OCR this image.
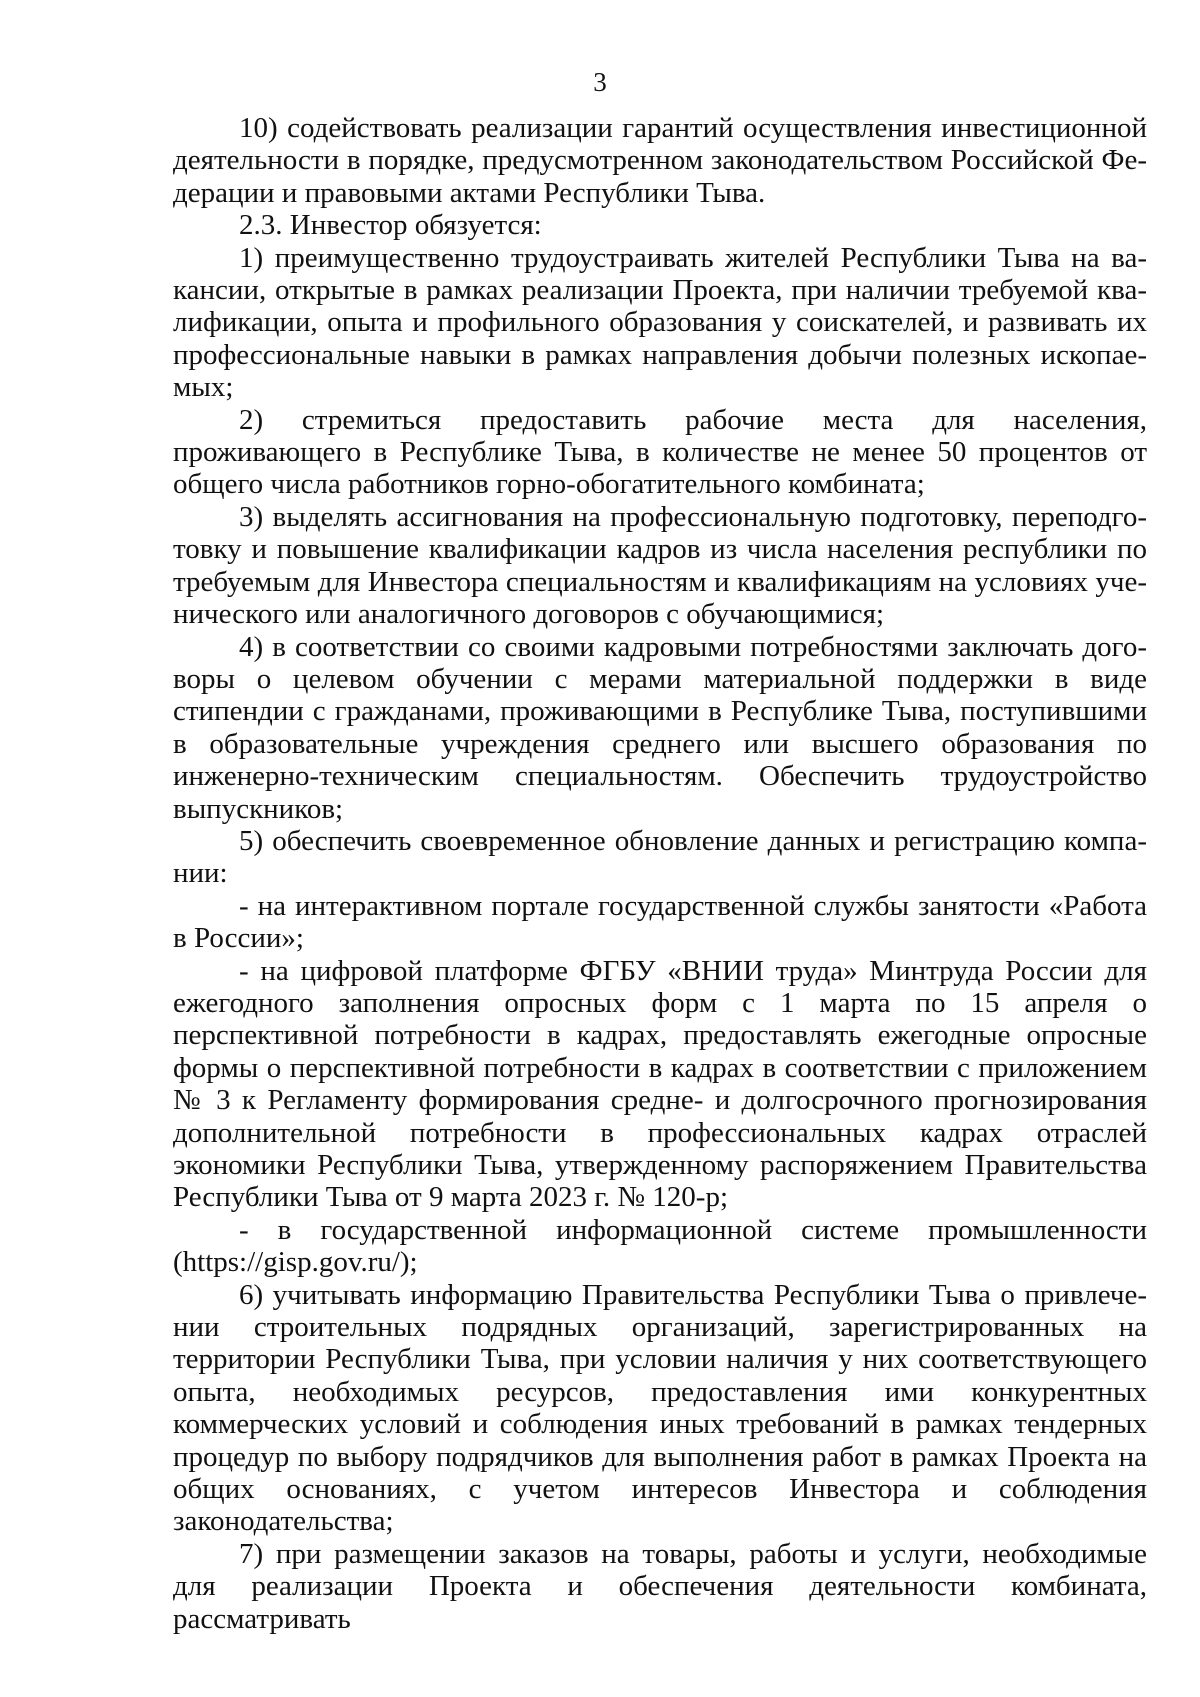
3

10) содействовать реализации гарантий осуществления инвестиционной деятельности в порядке, предусмотренном законодательством Российской Федерации и правовыми актами Республики Тыва.

2.3. Инвестор обязуется:

1) преимущественно трудоустраивать жителей Республики Тыва на вакансии, открытые в рамках реализации Проекта, при наличии требуемой квалификации, опыта и профильного образования у соискателей, и развивать их профессиональные навыки в рамках направления добычи полезных ископаемых;

2) стремиться предоставить рабочие места для населения, проживающего в Республике Тыва, в количестве не менее 50 процентов от общего числа работников горно-обогатительного комбината;

3) выделять ассигнования на профессиональную подготовку, переподготовку и повышение квалификации кадров из числа населения республики по требуемым для Инвестора специальностям и квалификациям на условиях ученического или аналогичного договоров с обучающимися;

4) в соответствии со своими кадровыми потребностями заключать договоры о целевом обучении с мерами материальной поддержки в виде стипендии с гражданами, проживающими в Республике Тыва, поступившими в образовательные учреждения среднего или высшего образования по инженерно-техническим специальностям. Обеспечить трудоустройство выпускников;

5) обеспечить своевременное обновление данных и регистрацию компании:

- на интерактивном портале государственной службы занятости «Работа в России»;

- на цифровой платформе ФГБУ «ВНИИ труда» Минтруда России для ежегодного заполнения опросных форм с 1 марта по 15 апреля о перспективной потребности в кадрах, предоставлять ежегодные опросные формы о перспективной потребности в кадрах в соответствии с приложением № 3 к Регламенту формирования средне- и долгосрочного прогнозирования дополнительной потребности в профессиональных кадрах отраслей экономики Республики Тыва, утвержденному распоряжением Правительства Республики Тыва от 9 марта 2023 г. № 120-р;

- в государственной информационной системе промышленности (https://gisp.gov.ru/);

6) учитывать информацию Правительства Республики Тыва о привлечении строительных подрядных организаций, зарегистрированных на территории Республики Тыва, при условии наличия у них соответствующего опыта, необходимых ресурсов, предоставления ими конкурентных коммерческих условий и соблюдения иных требований в рамках тендерных процедур по выбору подрядчиков для выполнения работ в рамках Проекта на общих основаниях, с учетом интересов Инвестора и соблюдения законодательства;

7) при размещении заказов на товары, работы и услуги, необходимые для реализации Проекта и обеспечения деятельности комбината, рассматривать
